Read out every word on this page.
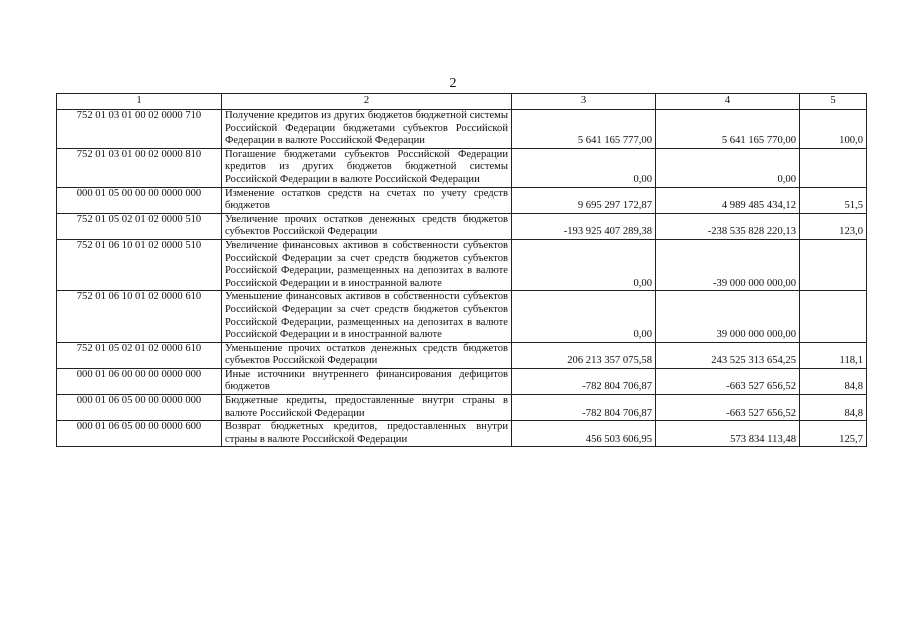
2
1	2	3	4	5
752 01 03 01 00 02 0000 710	Получение кредитов из других бюджетов бюджетной системы Российской Федерации бюджетами субъектов Российской Федерации в валюте Российской Федерации	5 641 165 777,00	5 641 165 770,00	100,0
752 01 03 01 00 02 0000 810	Погашение бюджетами субъектов Российской Федерации кредитов из других бюджетов бюджетной системы Российской Федерации в валюте Российской Федерации	0,00	0,00	
000 01 05 00 00 00 0000 000	Изменение остатков средств на счетах по учету средств бюджетов	9 695 297 172,87	4 989 485 434,12	51,5
752 01 05 02 01 02 0000 510	Увеличение прочих остатков денежных средств бюджетов субъектов Российской Федерации	-193 925 407 289,38	-238 535 828 220,13	123,0
752 01 06 10 01 02 0000 510	Увеличение финансовых активов в собственности субъектов Российской Федерации за счет средств бюджетов субъектов Российской Федерации, размещенных на депозитах в валюте Российской Федерации и в иностранной валюте	0,00	-39 000 000 000,00	
752 01 06 10 01 02 0000 610	Уменьшение финансовых активов в собственности субъектов Российской Федерации за счет средств бюджетов субъектов Российской Федерации, размещенных на депозитах в валюте Российской Федерации и в иностранной валюте	0,00	39 000 000 000,00	
752 01 05 02 01 02 0000 610	Уменьшение прочих остатков денежных средств бюджетов субъектов Российской Федерации	206 213 357 075,58	243 525 313 654,25	118,1
000 01 06 00 00 00 0000 000	Иные источники внутреннего финансирования дефицитов бюджетов	-782 804 706,87	-663 527 656,52	84,8
000 01 06 05 00 00 0000 000	Бюджетные кредиты, предоставленные внутри страны в валюте Российской Федерации	-782 804 706,87	-663 527 656,52	84,8
000 01 06 05 00 00 0000 600	Возврат бюджетных кредитов, предоставленных внутри страны в валюте Российской Федерации	456 503 606,95	573 834 113,48	125,7
